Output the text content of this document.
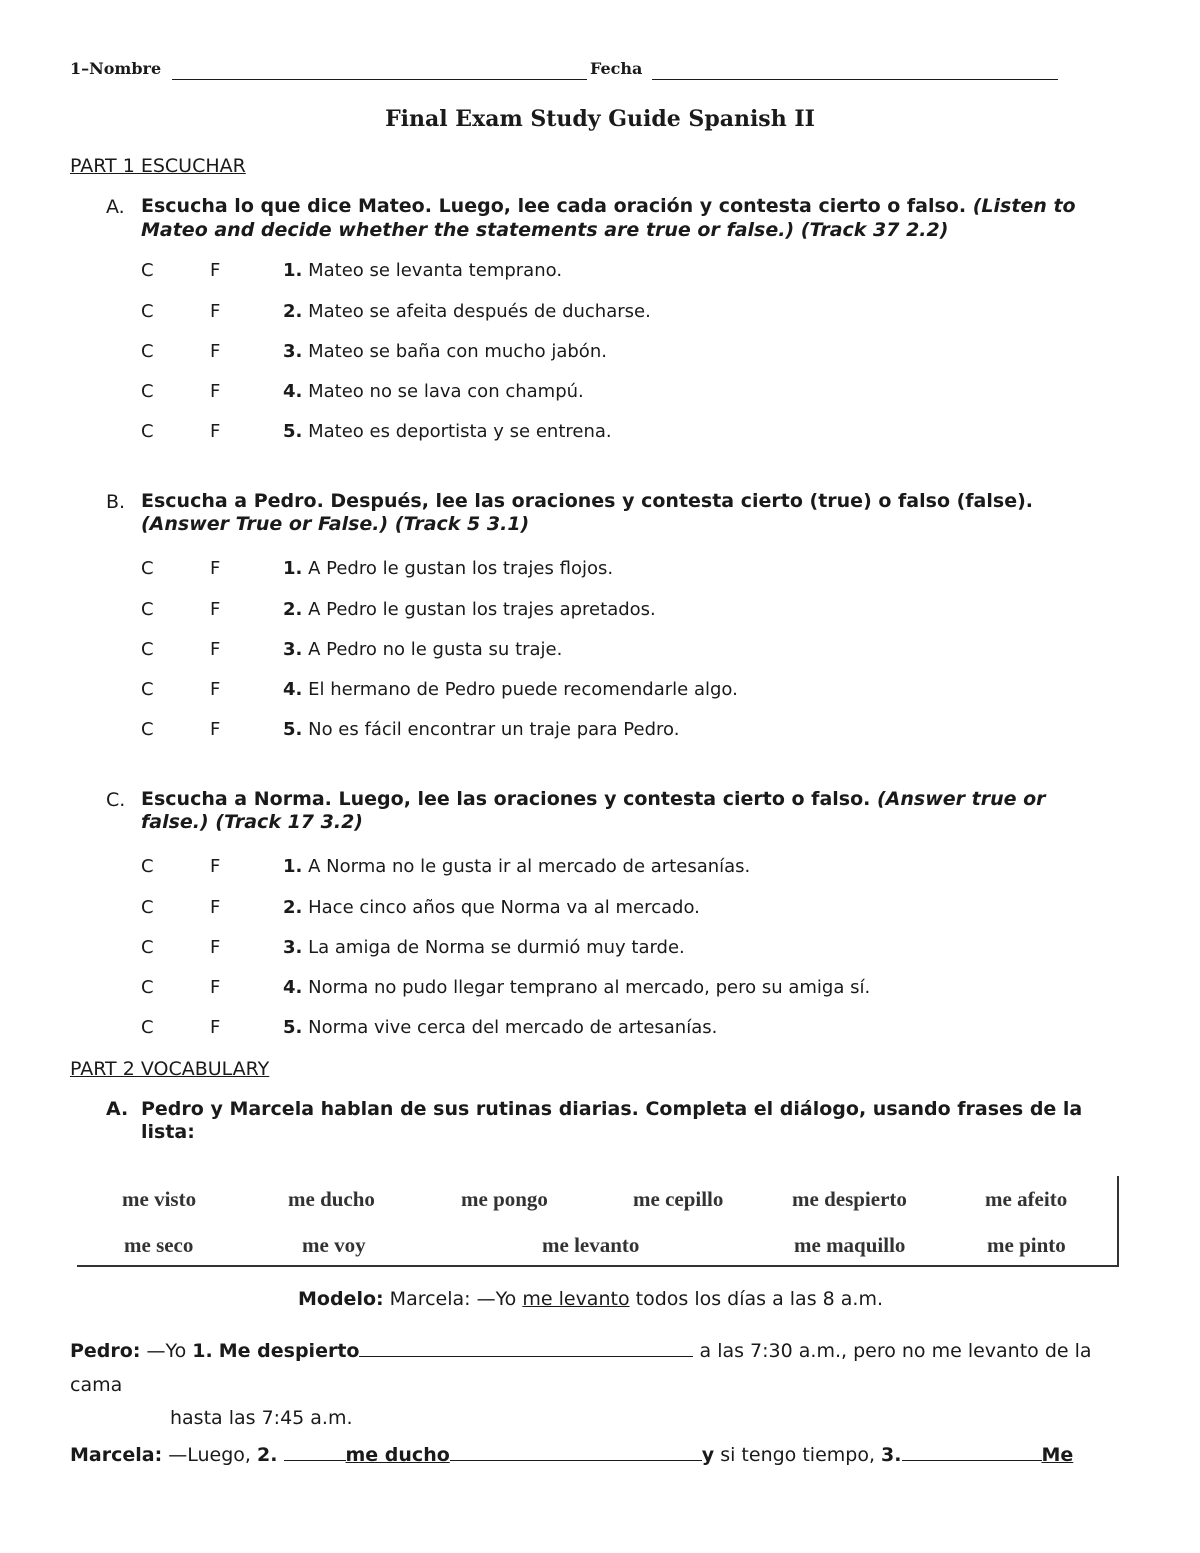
1–Nombre	Fecha
Final Exam Study Guide Spanish II
PART 1 ESCUCHAR
A. Escucha lo que dice Mateo. Luego, lee cada oración y contesta cierto o falso. (Listen to
Mateo and decide whether the statements are true or false.) (Track 37 2.2)
C	F	1. Mateo se levanta temprano.
C	F	2. Mateo se afeita después de ducharse.
C	F	3. Mateo se baña con mucho jabón.
C	F	4. Mateo no se lava con champú.
C	F	5. Mateo es deportista y se entrena.
B. Escucha a Pedro. Después, lee las oraciones y contesta cierto (true) o falso (false).
(Answer True or False.) (Track 5 3.1)
C	F	1. A Pedro le gustan los trajes flojos.
C	F	2. A Pedro le gustan los trajes apretados.
C	F	3. A Pedro no le gusta su traje.
C	F	4. El hermano de Pedro puede recomendarle algo.
C	F	5. No es fácil encontrar un traje para Pedro.
C. Escucha a Norma. Luego, lee las oraciones y contesta cierto o falso. (Answer true or
false.) (Track 17 3.2)
C	F	1. A Norma no le gusta ir al mercado de artesanías.
C	F	2. Hace cinco años que Norma va al mercado.
C	F	3. La amiga de Norma se durmió muy tarde.
C	F	4. Norma no pudo llegar temprano al mercado, pero su amiga sí.
C	F	5. Norma vive cerca del mercado de artesanías.
PART 2 VOCABULARY
A. Pedro y Marcela hablan de sus rutinas diarias. Completa el diálogo, usando frases de la
lista:
me visto	me ducho	me pongo	me cepillo	me despierto	me afeito
me seco	me voy	me levanto	me maquillo	me pinto
Modelo: Marcela: —Yo me levanto todos los días a las 8 a.m.
Pedro: —Yo 1. Me despierto	a las 7:30 a.m., pero no me levanto de la
cama
hasta las 7:45 a.m.
Marcela: —Luego, 2.	me ducho	y si tengo tiempo, 3.	Me
